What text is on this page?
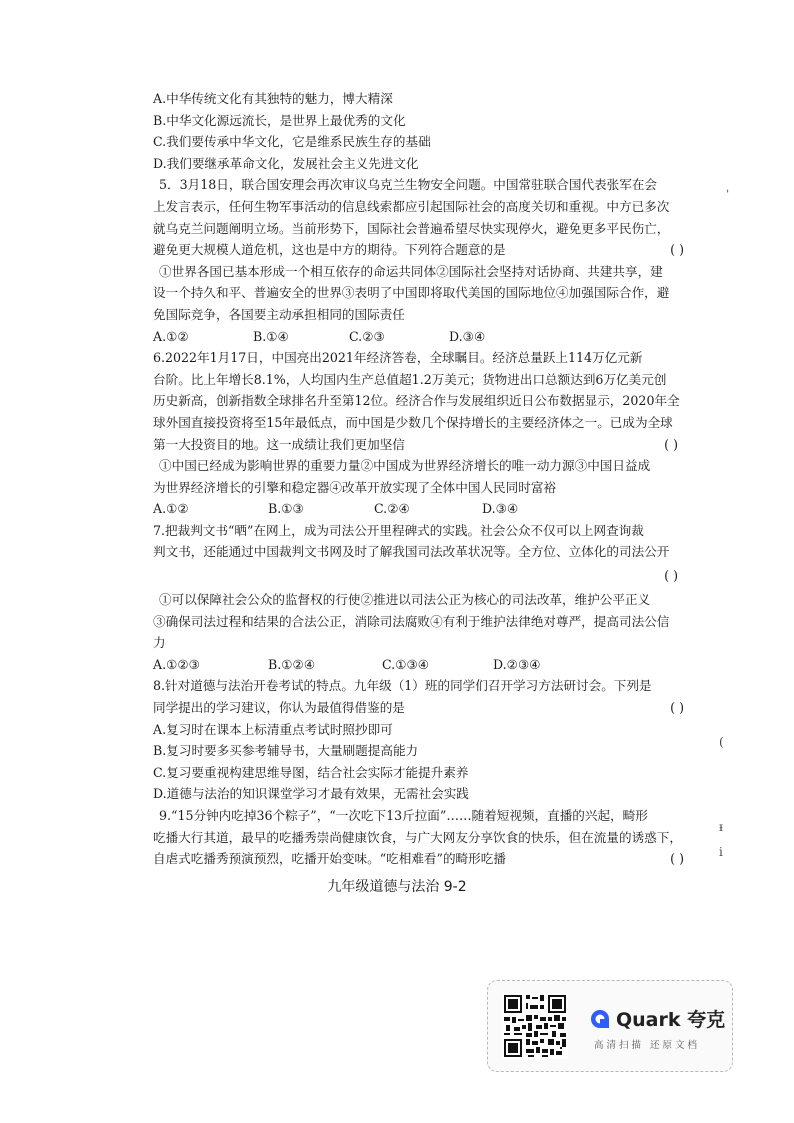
A.中华传统文化有其独特的魅力，博大精深
B.中华文化源远流长，是世界上最优秀的文化
C.我们要传承中华文化，它是维系民族生存的基础
D.我们要继承革命文化，发展社会主义先进文化
5．3月18日，联合国安理会再次审议乌克兰生物安全问题。中国常驻联合国代表张军在会
上发言表示，任何生物军事活动的信息线索都应引起国际社会的高度关切和重视。中方已多次
就乌克兰问题阐明立场。当前形势下，国际社会普遍希望尽快实现停火，避免更多平民伤亡，
避免更大规模人道危机，这也是中方的期待。下列符合题意的是	( )
①世界各国已基本形成一个相互依存的命运共同体②国际社会坚持对话协商、共建共享，建
设一个持久和平、普遍安全的世界③表明了中国即将取代美国的国际地位④加强国际合作，避
免国际竞争，各国要主动承担相同的国际责任
A.①②	B.①④	C.②③	D.③④
6.2022年1月17日，中国亮出2021年经济答卷，全球瞩目。经济总量跃上114万亿元新
台阶。比上年增长8.1%，人均国内生产总值超1.2万美元；货物进出口总额达到6万亿美元创
历史新高，创新指数全球排名升至第12位。经济合作与发展组织近日公布数据显示，2020年全
球外国直接投资将至15年最低点，而中国是少数几个保持增长的主要经济体之一。已成为全球
第一大投资目的地。这一成绩让我们更加坚信	( )
①中国已经成为影响世界的重要力量②中国成为世界经济增长的唯一动力源③中国日益成
为世界经济增长的引擎和稳定器④改革开放实现了全体中国人民同时富裕
A.①②	B.①③	C.②④	D.③④
7.把裁判文书“晒”在网上，成为司法公开里程碑式的实践。社会公众不仅可以上网查询裁
判文书，还能通过中国裁判文书网及时了解我国司法改革状况等。全方位、立体化的司法公开
( )
①可以保障社会公众的监督权的行使②推进以司法公正为核心的司法改革，维护公平正义
③确保司法过程和结果的合法公正，消除司法腐败④有利于维护法律绝对尊严，提高司法公信
力
A.①②③	B.①②④	C.①③④	D.②③④
8.针对道德与法治开卷考试的特点。九年级（1）班的同学们召开学习方法研讨会。下列是
同学提出的学习建议，你认为最值得借鉴的是	( )
A.复习时在课本上标清重点考试时照抄即可
B.复习时要多买参考辅导书，大量刷题提高能力
C.复习要重视构建思维导图，结合社会实际才能提升素养
D.道德与法治的知识课堂学习才最有效果，无需社会实践
9.“15分钟内吃掉36个粽子”，“一次吃下13斤拉面”……随着短视频，直播的兴起，畸形
吃播大行其道，最早的吃播秀崇尚健康饮食，与广大网友分享饮食的快乐，但在流量的诱惑下，
自虐式吃播秀预演预烈，吃播开始变味。“吃相难看”的畸形吃播	( )
九年级道德与法治 9-2
ˌ
(
ᵻ
i
Quark 夸克
高清扫描 还原文档
